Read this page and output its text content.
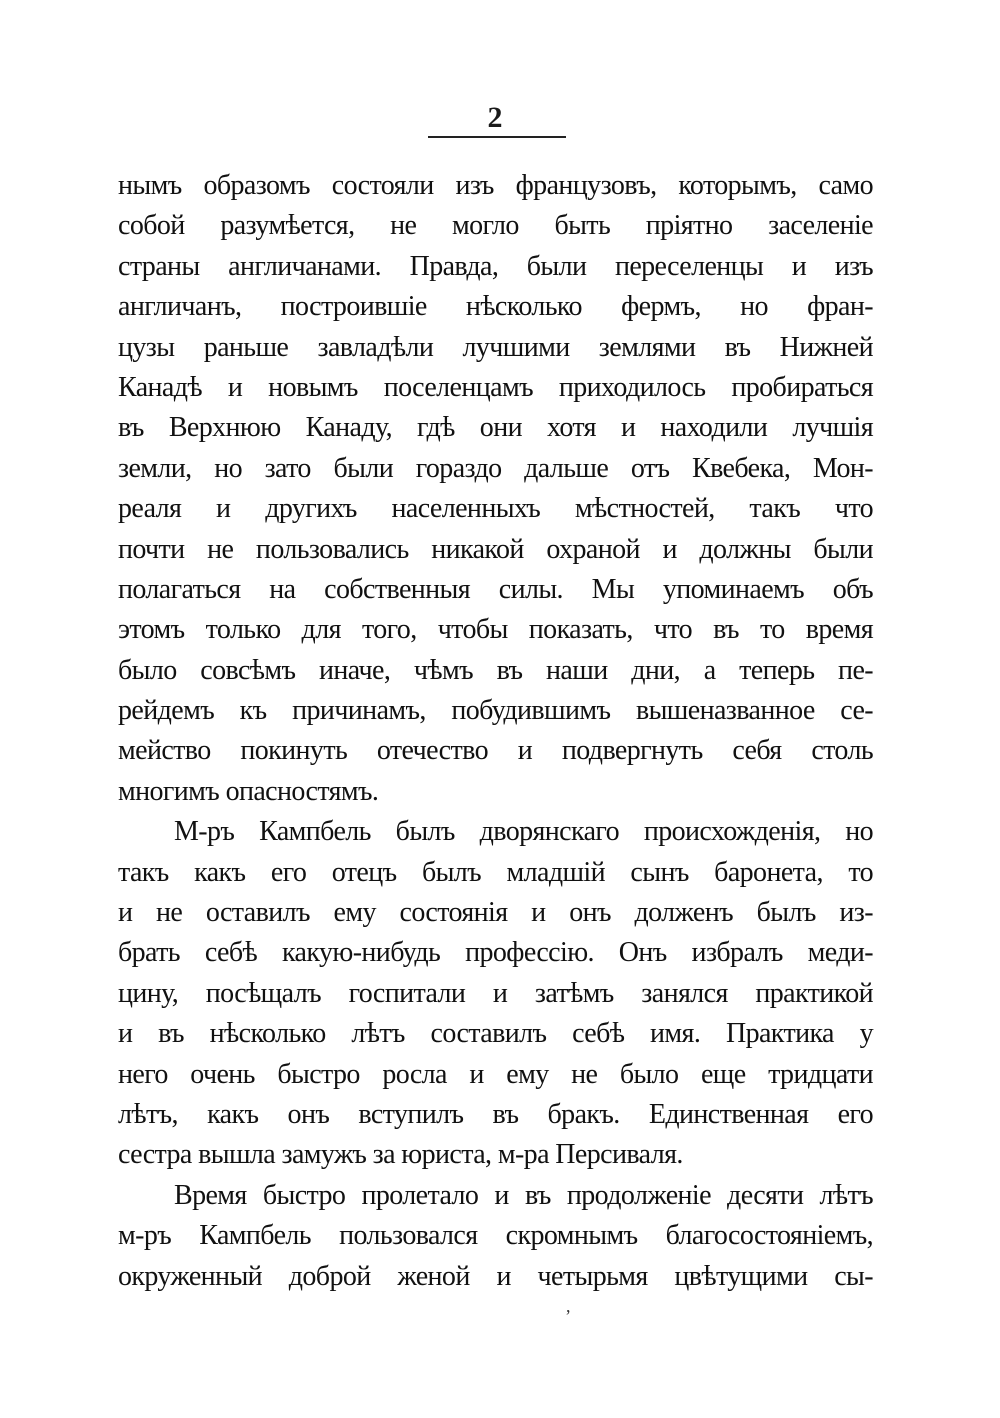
2
нымъ образомъ состояли изъ французовъ, которымъ, само
собой разумѣется, не могло быть пріятно заселеніе
страны англичанами. Правда, были переселенцы и изъ
англичанъ, построившіе нѣсколько фермъ, но фран-
цузы раньше завладѣли лучшими землями въ Нижней
Канадѣ и новымъ поселенцамъ приходилось пробираться
въ Верхнюю Канаду, гдѣ они хотя и находили лучшія
земли, но зато были гораздо дальше отъ Квебека, Мон-
реаля и другихъ населенныхъ мѣстностей, такъ что
почти не пользовались никакой охраной и должны были
полагаться на собственныя силы. Мы упоминаемъ объ
этомъ только для того, чтобы показать, что въ то время
было совсѣмъ иначе, чѣмъ въ наши дни, а теперь пе-
рейдемъ къ причинамъ, побудившимъ вышеназванное се-
мейство покинуть отечество и подвергнуть себя столь
многимъ опасностямъ.
М-ръ Кампбель былъ дворянскаго происхожденія, но
такъ какъ его отецъ былъ младшій сынъ баронета, то
и не оставилъ ему состоянія и онъ долженъ былъ из-
брать себѣ какую-нибудь профессію. Онъ избралъ меди-
цину, посѣщалъ госпитали и затѣмъ занялся практикой
и въ нѣсколько лѣтъ составилъ себѣ имя. Практика у
него очень быстро росла и ему не было еще тридцати
лѣтъ, какъ онъ вступилъ въ бракъ. Единственная его
сестра вышла замужъ за юриста, м-ра Персиваля.
Время быстро пролетало и въ продолженіе десяти лѣтъ
м-ръ Кампбель пользовался скромнымъ благосостояніемъ,
окруженный доброй женой и четырьмя цвѣтущими сы-
,
